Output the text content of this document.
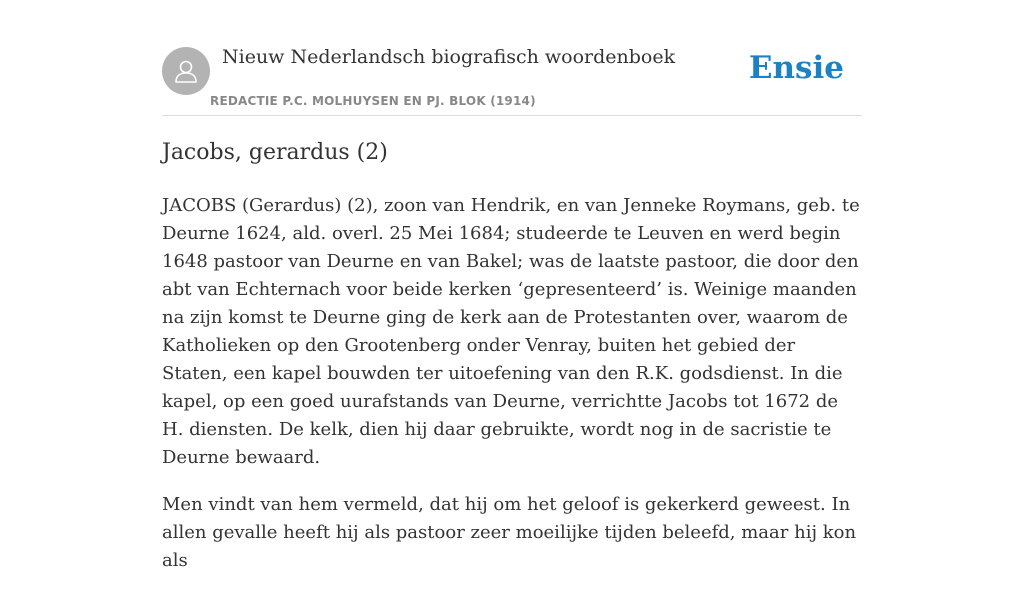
Nieuw Nederlandsch biografisch woordenboek
REDACTIE P.C. MOLHUYSEN EN PJ. BLOK (1914)
Ensie
Jacobs, gerardus (2)

JACOBS (Gerardus) (2), zoon van Hendrik, en van Jenneke Roymans, geb. te Deurne 1624, ald. overl. 25 Mei 1684; studeerde te Leuven en werd begin 1648 pastoor van Deurne en van Bakel; was de laatste pastoor, die door den abt van Echternach voor beide kerken ‘gepresenteerd’ is. Weinige maanden na zijn komst te Deurne ging de kerk aan de Protestanten over, waarom de Katholieken op den Grootenberg onder Venray, buiten het gebied der Staten, een kapel bouwden ter uitoefening van den R.K. godsdienst. In die kapel, op een goed uurafstands van Deurne, verrichtte Jacobs tot 1672 de H. diensten. De kelk, dien hij daar gebruikte, wordt nog in de sacristie te Deurne bewaard.

Men vindt van hem vermeld, dat hij om het geloof is gekerkerd geweest. In allen gevalle heeft hij als pastoor zeer moeilijke tijden beleefd, maar hij kon als
